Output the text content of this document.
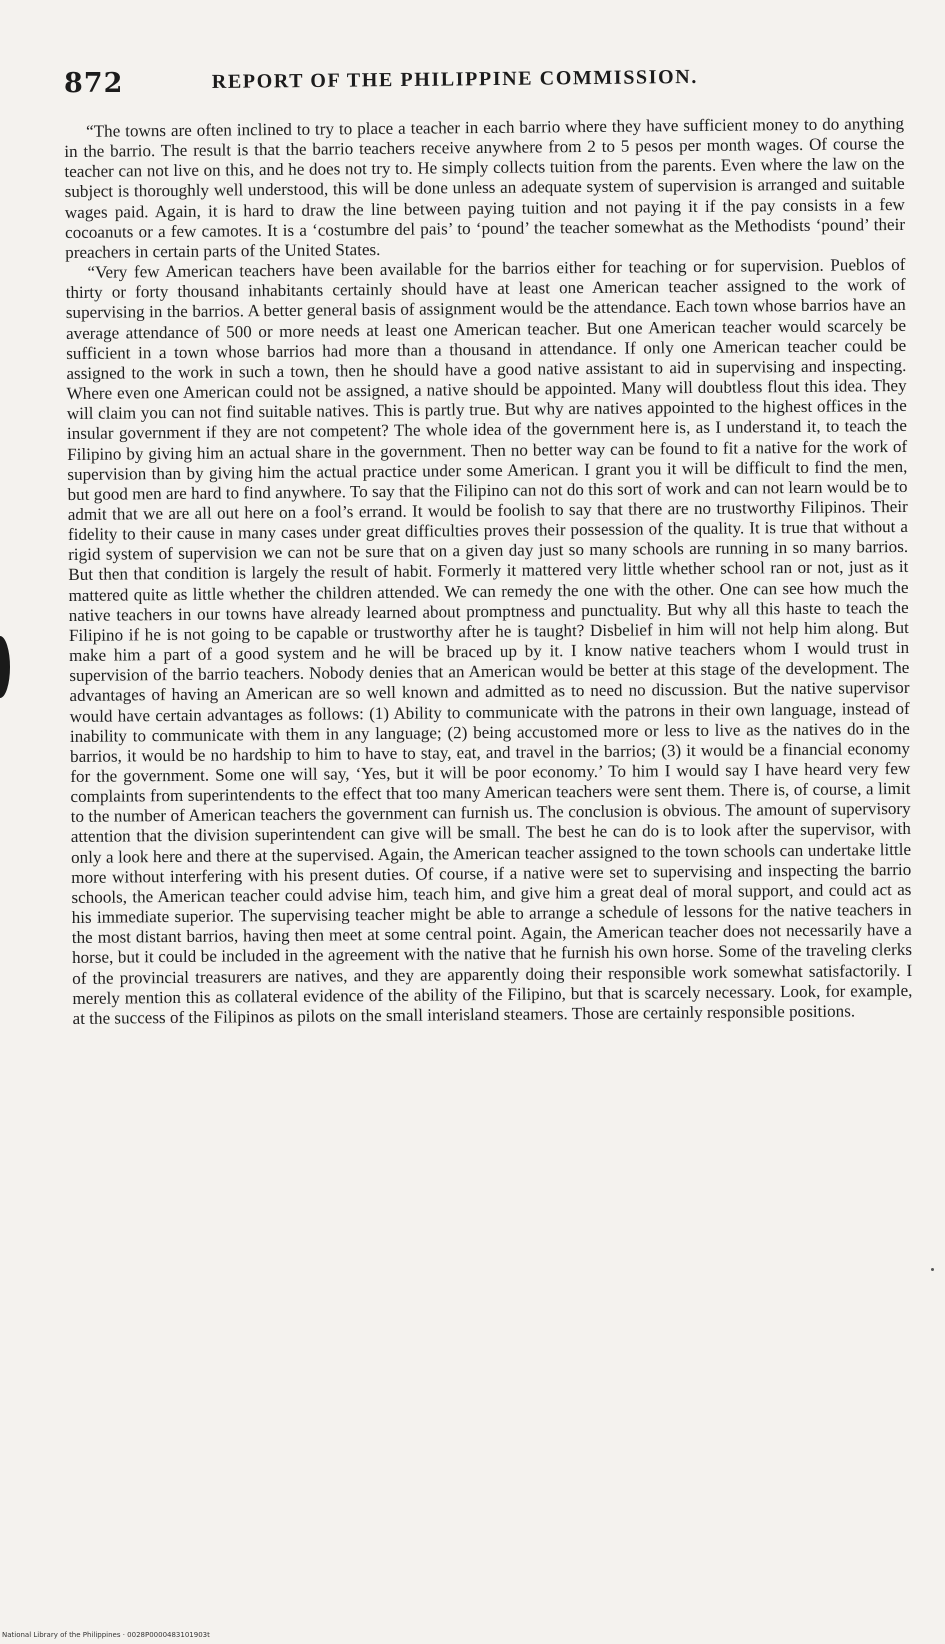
872	REPORT OF THE PHILIPPINE COMMISSION.

“The towns are often inclined to try to place a teacher in each barrio where they have sufficient money to do anything in the barrio. The result is that the barrio teachers receive anywhere from 2 to 5 pesos per month wages. Of course the teacher can not live on this, and he does not try to. He simply collects tuition from the parents. Even where the law on the subject is thoroughly well understood, this will be done unless an adequate system of supervision is arranged and suitable wages paid. Again, it is hard to draw the line between paying tuition and not paying it if the pay consists in a few cocoanuts or a few camotes. It is a ‘costumbre del pais’ to ‘pound’ the teacher somewhat as the Methodists ‘pound’ their preachers in certain parts of the United States.

“Very few American teachers have been available for the barrios either for teaching or for supervision. Pueblos of thirty or forty thousand inhabitants certainly should have at least one American teacher assigned to the work of supervising in the barrios. A better general basis of assignment would be the attendance. Each town whose barrios have an average attendance of 500 or more needs at least one American teacher. But one American teacher would scarcely be sufficient in a town whose barrios had more than a thousand in attendance. If only one American teacher could be assigned to the work in such a town, then he should have a good native assistant to aid in supervising and inspecting. Where even one American could not be assigned, a native should be appointed. Many will doubtless flout this idea. They will claim you can not find suitable natives. This is partly true. But why are natives appointed to the highest offices in the insular government if they are not competent? The whole idea of the government here is, as I understand it, to teach the Filipino by giving him an actual share in the government. Then no better way can be found to fit a native for the work of supervision than by giving him the actual practice under some American. I grant you it will be difficult to find the men, but good men are hard to find anywhere. To say that the Filipino can not do this sort of work and can not learn would be to admit that we are all out here on a fool’s errand. It would be foolish to say that there are no trustworthy Filipinos. Their fidelity to their cause in many cases under great difficulties proves their possession of the quality. It is true that without a rigid system of supervision we can not be sure that on a given day just so many schools are running in so many barrios. But then that condition is largely the result of habit. Formerly it mattered very little whether school ran or not, just as it mattered quite as little whether the children attended. We can remedy the one with the other. One can see how much the native teachers in our towns have already learned about promptness and punctuality. But why all this haste to teach the Filipino if he is not going to be capable or trustworthy after he is taught? Disbelief in him will not help him along. But make him a part of a good system and he will be braced up by it. I know native teachers whom I would trust in supervision of the barrio teachers. Nobody denies that an American would be better at this stage of the development. The advantages of having an American are so well known and admitted as to need no discussion. But the native supervisor would have certain advantages as follows: (1) Ability to communicate with the patrons in their own language, instead of inability to communicate with them in any language; (2) being accustomed more or less to live as the natives do in the barrios, it would be no hardship to him to have to stay, eat, and travel in the barrios; (3) it would be a financial economy for the government. Some one will say, ‘Yes, but it will be poor economy.’ To him I would say I have heard very few complaints from superintendents to the effect that too many American teachers were sent them. There is, of course, a limit to the number of American teachers the government can furnish us. The conclusion is obvious. The amount of supervisory attention that the division superintendent can give will be small. The best he can do is to look after the supervisor, with only a look here and there at the supervised. Again, the American teacher assigned to the town schools can undertake little more without interfering with his present duties. Of course, if a native were set to supervising and inspecting the barrio schools, the American teacher could advise him, teach him, and give him a great deal of moral support, and could act as his immediate superior. The supervising teacher might be able to arrange a schedule of lessons for the native teachers in the most distant barrios, having then meet at some central point. Again, the American teacher does not necessarily have a horse, but it could be included in the agreement with the native that he furnish his own horse. Some of the traveling clerks of the provincial treasurers are natives, and they are apparently doing their responsible work somewhat satisfactorily. I merely mention this as collateral evidence of the ability of the Filipino, but that is scarcely necessary. Look, for example, at the success of the Filipinos as pilots on the small interisland steamers. Those are certainly responsible positions.

National Library of the Philippines · 0028P0000483101903t
